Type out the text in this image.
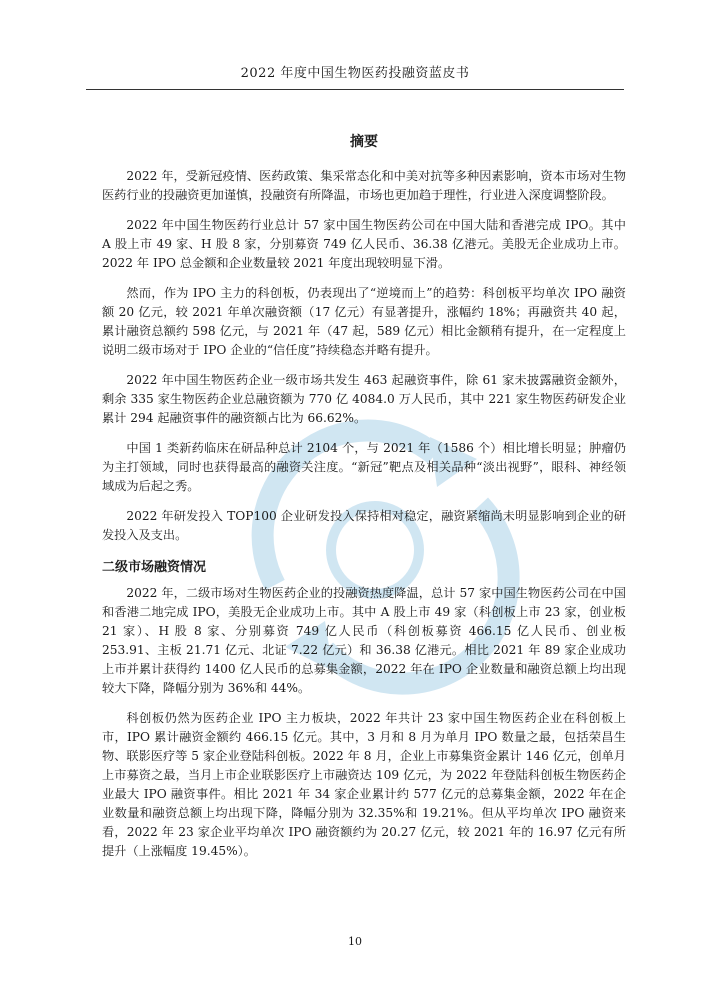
2022 年度中国生物医药投融资蓝皮书
摘要

2022 年，受新冠疫情、医药政策、集采常态化和中美对抗等多种因素影响，资本市场对生物医药行业的投融资更加谨慎，投融资有所降温，市场也更加趋于理性，行业进入深度调整阶段。

2022 年中国生物医药行业总计 57 家中国生物医药公司在中国大陆和香港完成 IPO。其中 A 股上市 49 家、H 股 8 家，分别募资 749 亿人民币、36.38 亿港元。美股无企业成功上市。2022 年 IPO 总金额和企业数量较 2021 年度出现较明显下滑。

然而，作为 IPO 主力的科创板，仍表现出了“逆境而上”的趋势：科创板平均单次 IPO 融资额 20 亿元，较 2021 年单次融资额（17 亿元）有显著提升，涨幅约 18%；再融资共 40 起，累计融资总额约 598 亿元，与 2021 年（47 起，589 亿元）相比金额稍有提升，在一定程度上说明二级市场对于 IPO 企业的“信任度”持续稳态并略有提升。

2022 年中国生物医药企业一级市场共发生 463 起融资事件，除 61 家未披露融资金额外，剩余 335 家生物医药企业总融资额为 770 亿 4084.0 万人民币，其中 221 家生物医药研发企业累计 294 起融资事件的融资额占比为 66.62%。

中国 1 类新药临床在研品种总计 2104 个，与 2021 年（1586 个）相比增长明显；肿瘤仍为主打领域，同时也获得最高的融资关注度。“新冠”靶点及相关品种“淡出视野”，眼科、神经领域成为后起之秀。

2022 年研发投入 TOP100 企业研发投入保持相对稳定，融资紧缩尚未明显影响到企业的研发投入及支出。

二级市场融资情况

2022 年，二级市场对生物医药企业的投融资热度降温，总计 57 家中国生物医药公司在中国和香港二地完成 IPO，美股无企业成功上市。其中 A 股上市 49 家（科创板上市 23 家，创业板 21 家）、H 股 8 家、分别募资 749 亿人民币（科创板募资 466.15 亿人民币、创业板 253.91、主板 21.71 亿元、北证 7.22 亿元）和 36.38 亿港元。相比 2021 年 89 家企业成功上市并累计获得约 1400 亿人民币的总募集金额，2022 年在 IPO 企业数量和融资总额上均出现较大下降，降幅分别为 36%和 44%。

科创板仍然为医药企业 IPO 主力板块，2022 年共计 23 家中国生物医药企业在科创板上市，IPO 累计融资金额约 466.15 亿元。其中，3 月和 8 月为单月 IPO 数量之最，包括荣昌生物、联影医疗等 5 家企业登陆科创板。2022 年 8 月，企业上市募集资金累计 146 亿元，创单月上市募资之最，当月上市企业联影医疗上市融资达 109 亿元，为 2022 年登陆科创板生物医药企业最大 IPO 融资事件。相比 2021 年 34 家企业累计约 577 亿元的总募集金额，2022 年在企业数量和融资总额上均出现下降，降幅分别为 32.35%和 19.21%。但从平均单次 IPO 融资来看，2022 年 23 家企业平均单次 IPO 融资额约为 20.27 亿元，较 2021 年的 16.97 亿元有所提升（上涨幅度 19.45%）。

10
